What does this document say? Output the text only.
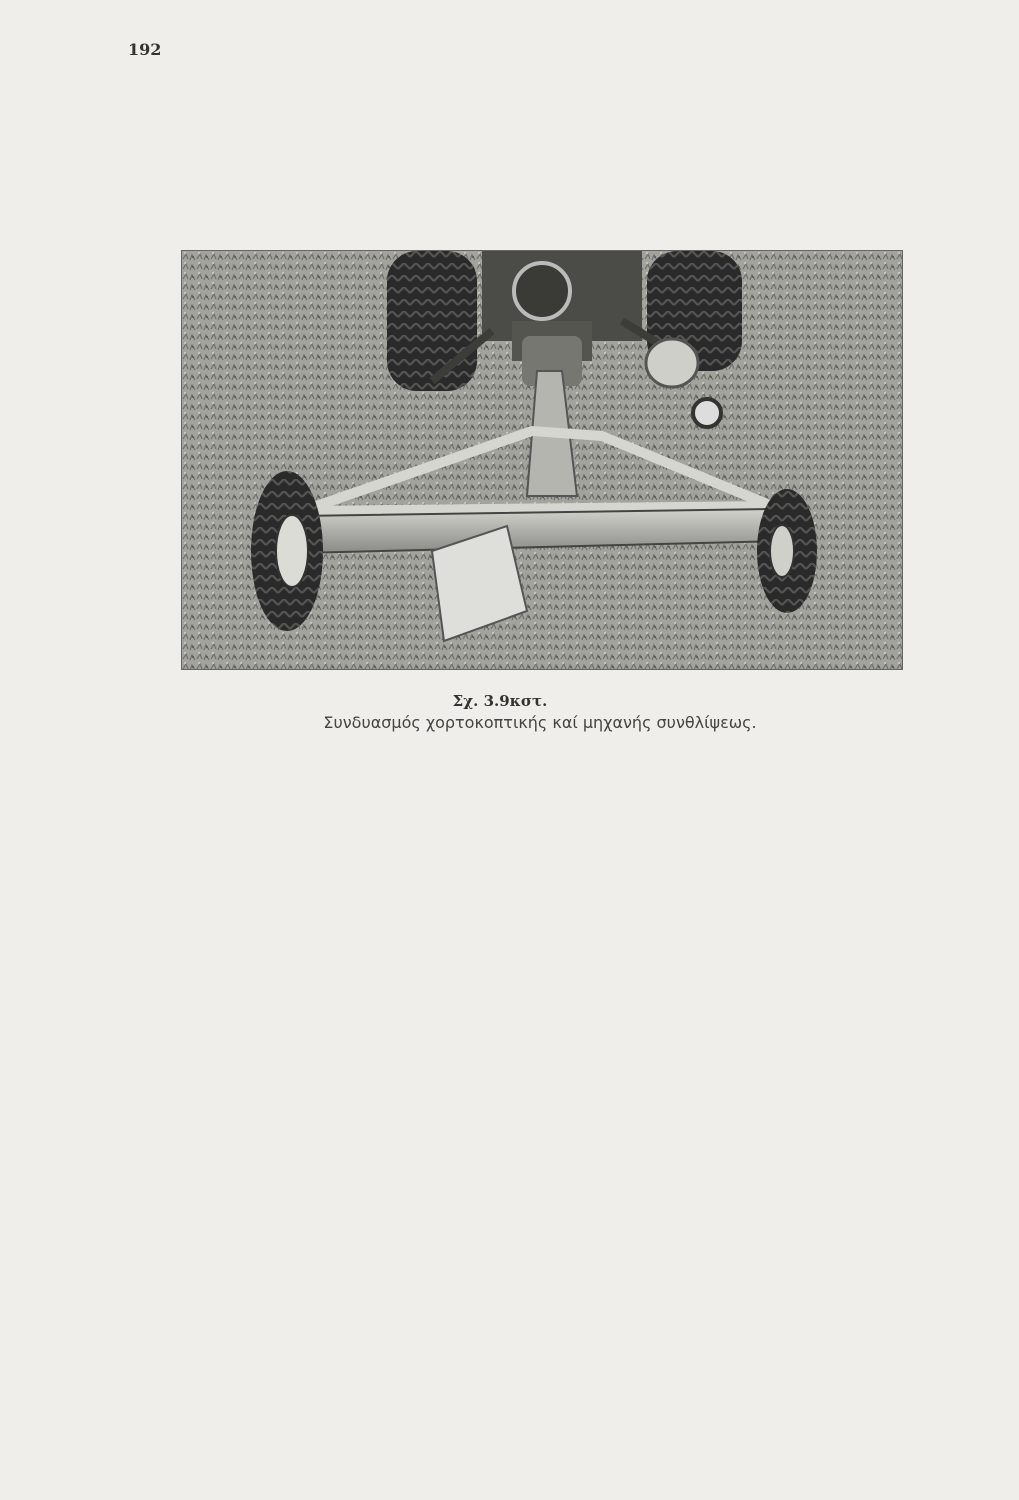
192

Σχ. 3.9κστ.
Συνδυασμός χορτοκοπτικής καί μηχανής συνθλίψεως.
